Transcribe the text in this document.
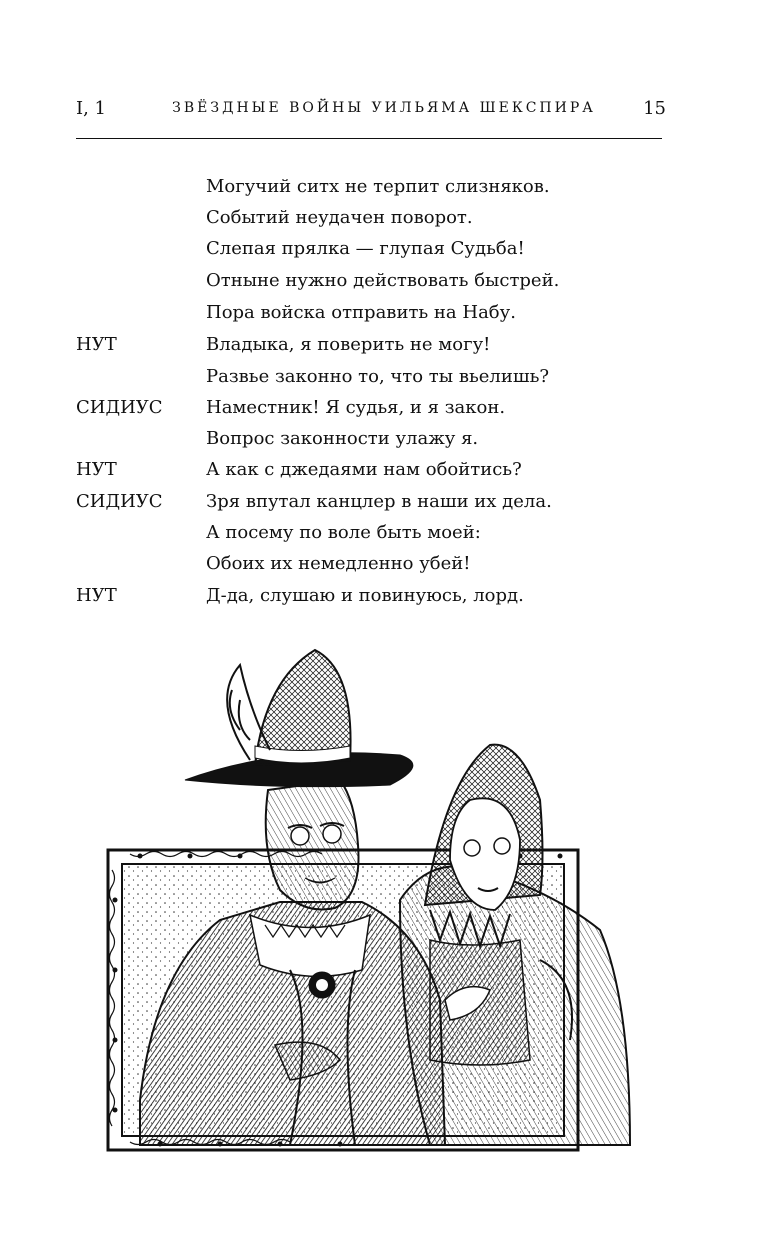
I, 1	ЗВЁЗДНЫЕ ВОЙНЫ УИЛЬЯМА ШЕКСПИРА	15
Могучий ситх не терпит слизняков.
Событий неудачен поворот.
Слепая прялка — глупая Судьба!
Отныне нужно действовать быстрей.
Пора войска отправить на Набу.
НУТ	Владыка, я поверить не могу!
Развье законно то, что ты вьелишь?
СИДИУС Наместник! Я судья, и я закон.
Вопрос законности улажу я.
НУТ	А как с джедаями нам обойтись?
СИДИУС Зря впутал канцлер в наши их дела.
А посему по воле быть моей:
Обоих их немедленно убей!
НУТ	Д-да, слушаю и повинуюсь, лорд.
